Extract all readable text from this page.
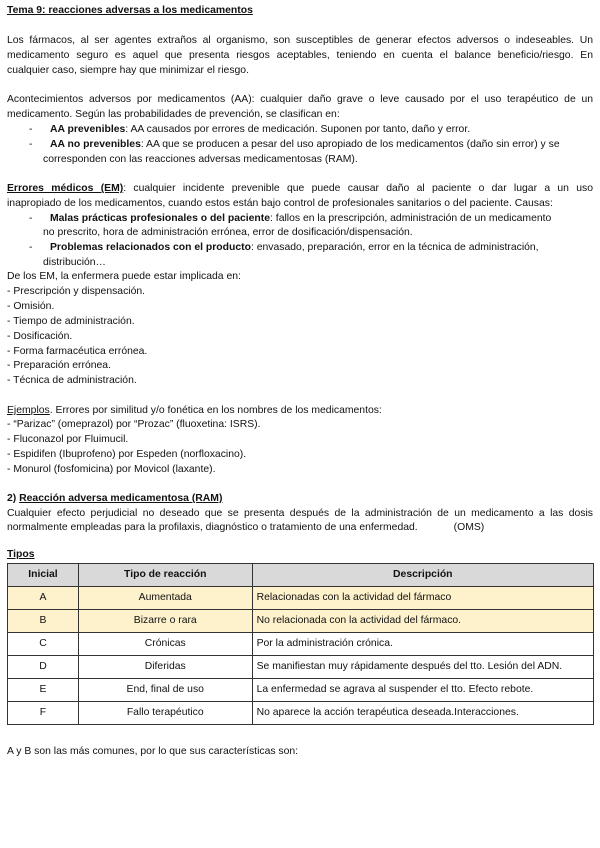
Tema 9: reacciones adversas a los medicamentos
Los fármacos, al ser agentes extraños al organismo, son susceptibles de generar efectos adversos o indeseables. Un
medicamento seguro es aquel que presenta riesgos aceptables, teniendo en cuenta el balance beneficio/riesgo. En
cualquier caso, siempre hay que minimizar el riesgo.
Acontecimientos adversos por medicamentos (AA): cualquier daño grave o leve causado por el uso terapéutico de un
medicamento. Según las probabilidades de prevención, se clasifican en:
- AA prevenibles: AA causados por errores de medicación. Suponen por tanto, daño y error.
- AA no prevenibles: AA que se producen a pesar del uso apropiado de los medicamentos (daño sin error) y se
corresponden con las reacciones adversas medicamentosas (RAM).
Errores médicos (EM): cualquier incidente prevenible que puede causar daño al paciente o dar lugar a un uso
inapropiado de los medicamentos, cuando estos están bajo control de profesionales sanitarios o del paciente. Causas:
- Malas prácticas profesionales o del paciente: fallos en la prescripción, administración de un medicamento
no prescrito, hora de administración errónea, error de dosificación/dispensación.
- Problemas relacionados con el producto: envasado, preparación, error en la técnica de administración,
distribución…
De los EM, la enfermera puede estar implicada en:
- Prescripción y dispensación.
- Omisión.
- Tiempo de administración.
- Dosificación.
- Forma farmacéutica errónea.
- Preparación errónea.
- Técnica de administración.
Ejemplos. Errores por similitud y/o fonética en los nombres de los medicamentos:
- “Parizac” (omeprazol) por “Prozac” (fluoxetina: ISRS).
- Fluconazol por Fluimucil.
- Espidifen (Ibuprofeno) por Espeden (norfloxacino).
- Monurol (fosfomicina) por Movicol (laxante).
2) Reacción adversa medicamentosa (RAM)
Cualquier efecto perjudicial no deseado que se presenta después de la administración de un medicamento a las dosis
normalmente empleadas para la profilaxis, diagnóstico o tratamiento de una enfermedad.	(OMS)
Tipos
Inicial	Tipo de reacción	Descripción
A	Aumentada	Relacionadas con la actividad del fármaco
B	Bizarre o rara	No relacionada con la actividad del fármaco.
C	Crónicas	Por la administración crónica.
D	Diferidas	Se manifiestan muy rápidamente después del tto. Lesión del ADN.
E	End, final de uso	La enfermedad se agrava al suspender el tto. Efecto rebote.
F	Fallo terapéutico	No aparece la acción terapéutica deseada.Interacciones.
A y B son las más comunes, por lo que sus características son:
